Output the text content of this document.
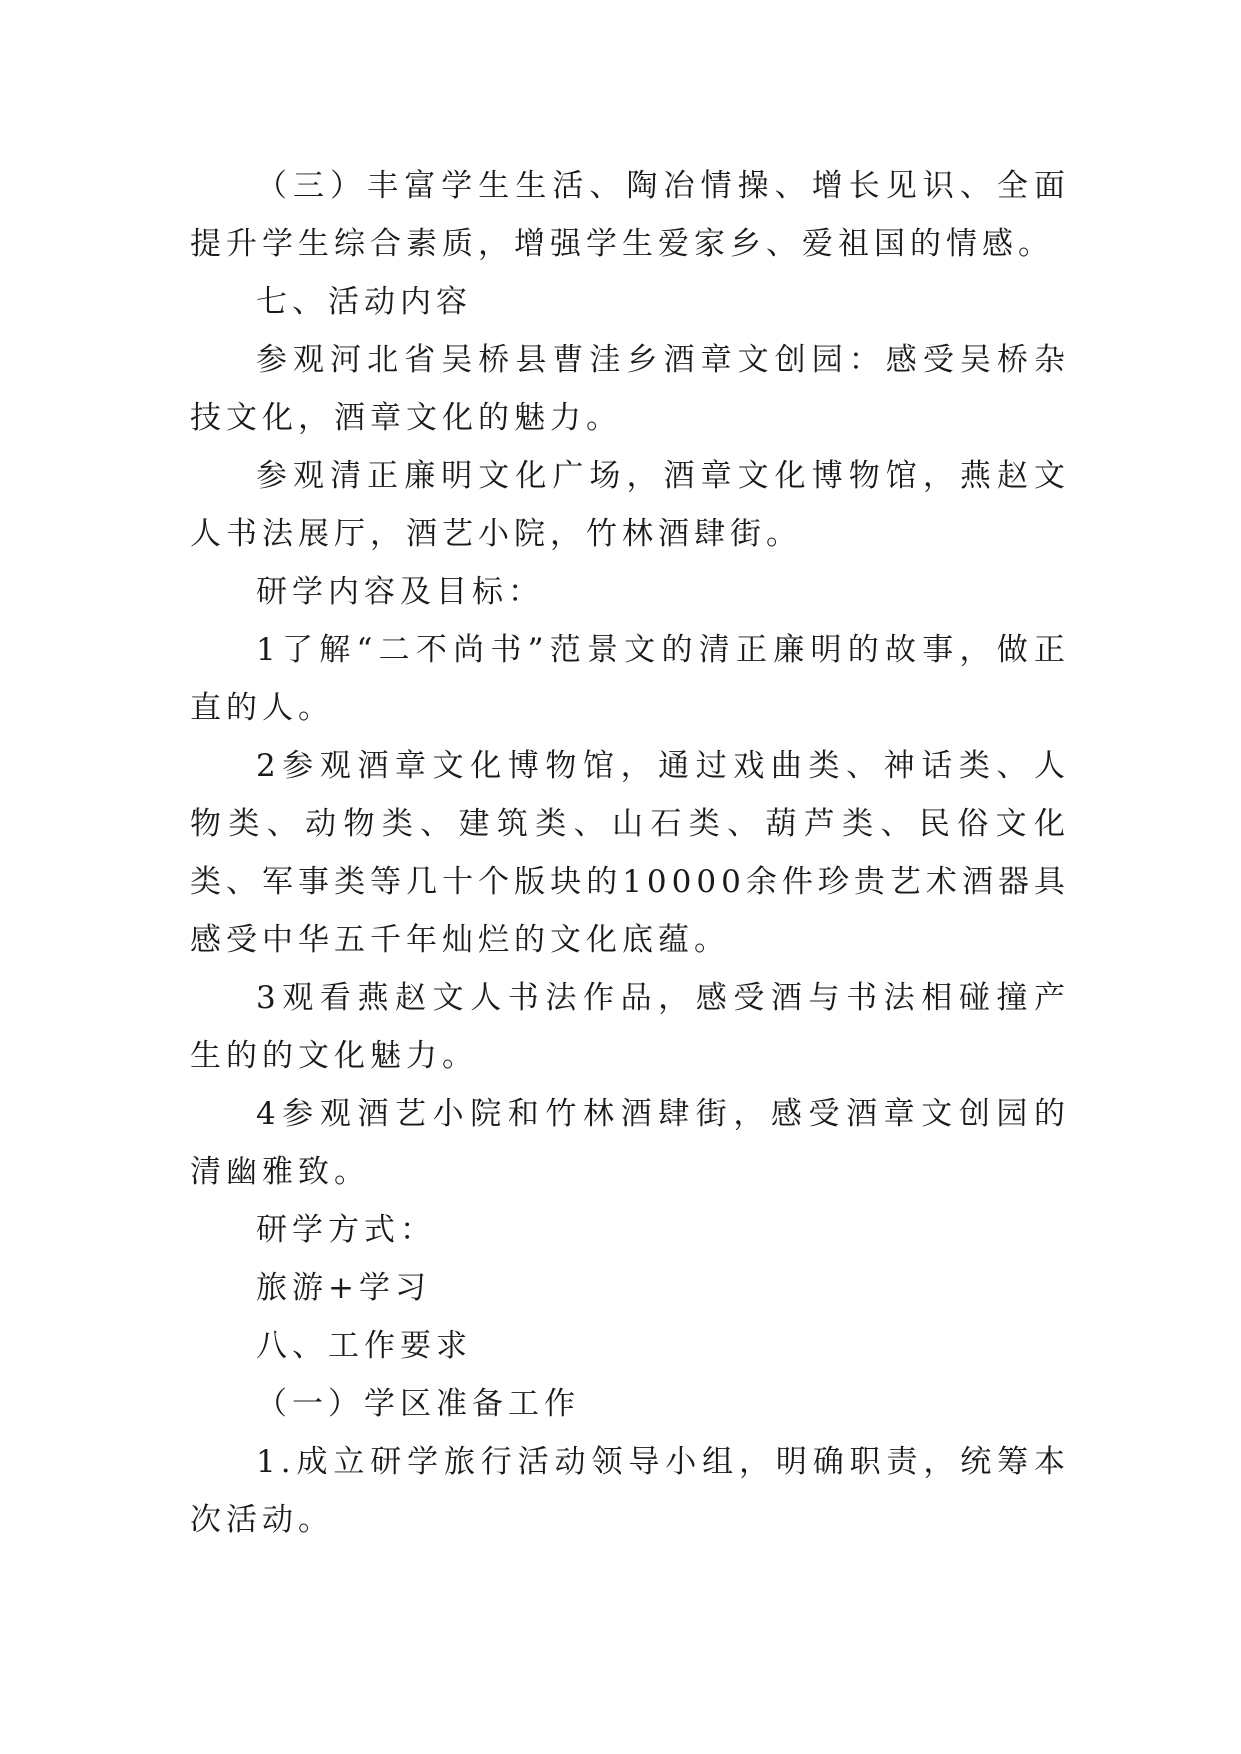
（三）丰富学生生活、陶冶情操、增长见识、全面提升学生综合素质，增强学生爱家乡、爱祖国的情感。

七、活动内容

参观河北省吴桥县曹洼乡酒章文创园：感受吴桥杂技文化，酒章文化的魅力。

参观清正廉明文化广场，酒章文化博物馆，燕赵文人书法展厅，酒艺小院，竹林酒肆街。

研学内容及目标：

1了解“二不尚书”范景文的清正廉明的故事，做正直的人。

2参观酒章文化博物馆，通过戏曲类、神话类、人物类、动物类、建筑类、山石类、葫芦类、民俗文化类、军事类等几十个版块的10000余件珍贵艺术酒器具感受中华五千年灿烂的文化底蕴。

3观看燕赵文人书法作品，感受酒与书法相碰撞产生的的文化魅力。

4参观酒艺小院和竹林酒肆街，感受酒章文创园的清幽雅致。

研学方式：

旅游+学习

八、工作要求

（一）学区准备工作

1.成立研学旅行活动领导小组，明确职责，统筹本次活动。
